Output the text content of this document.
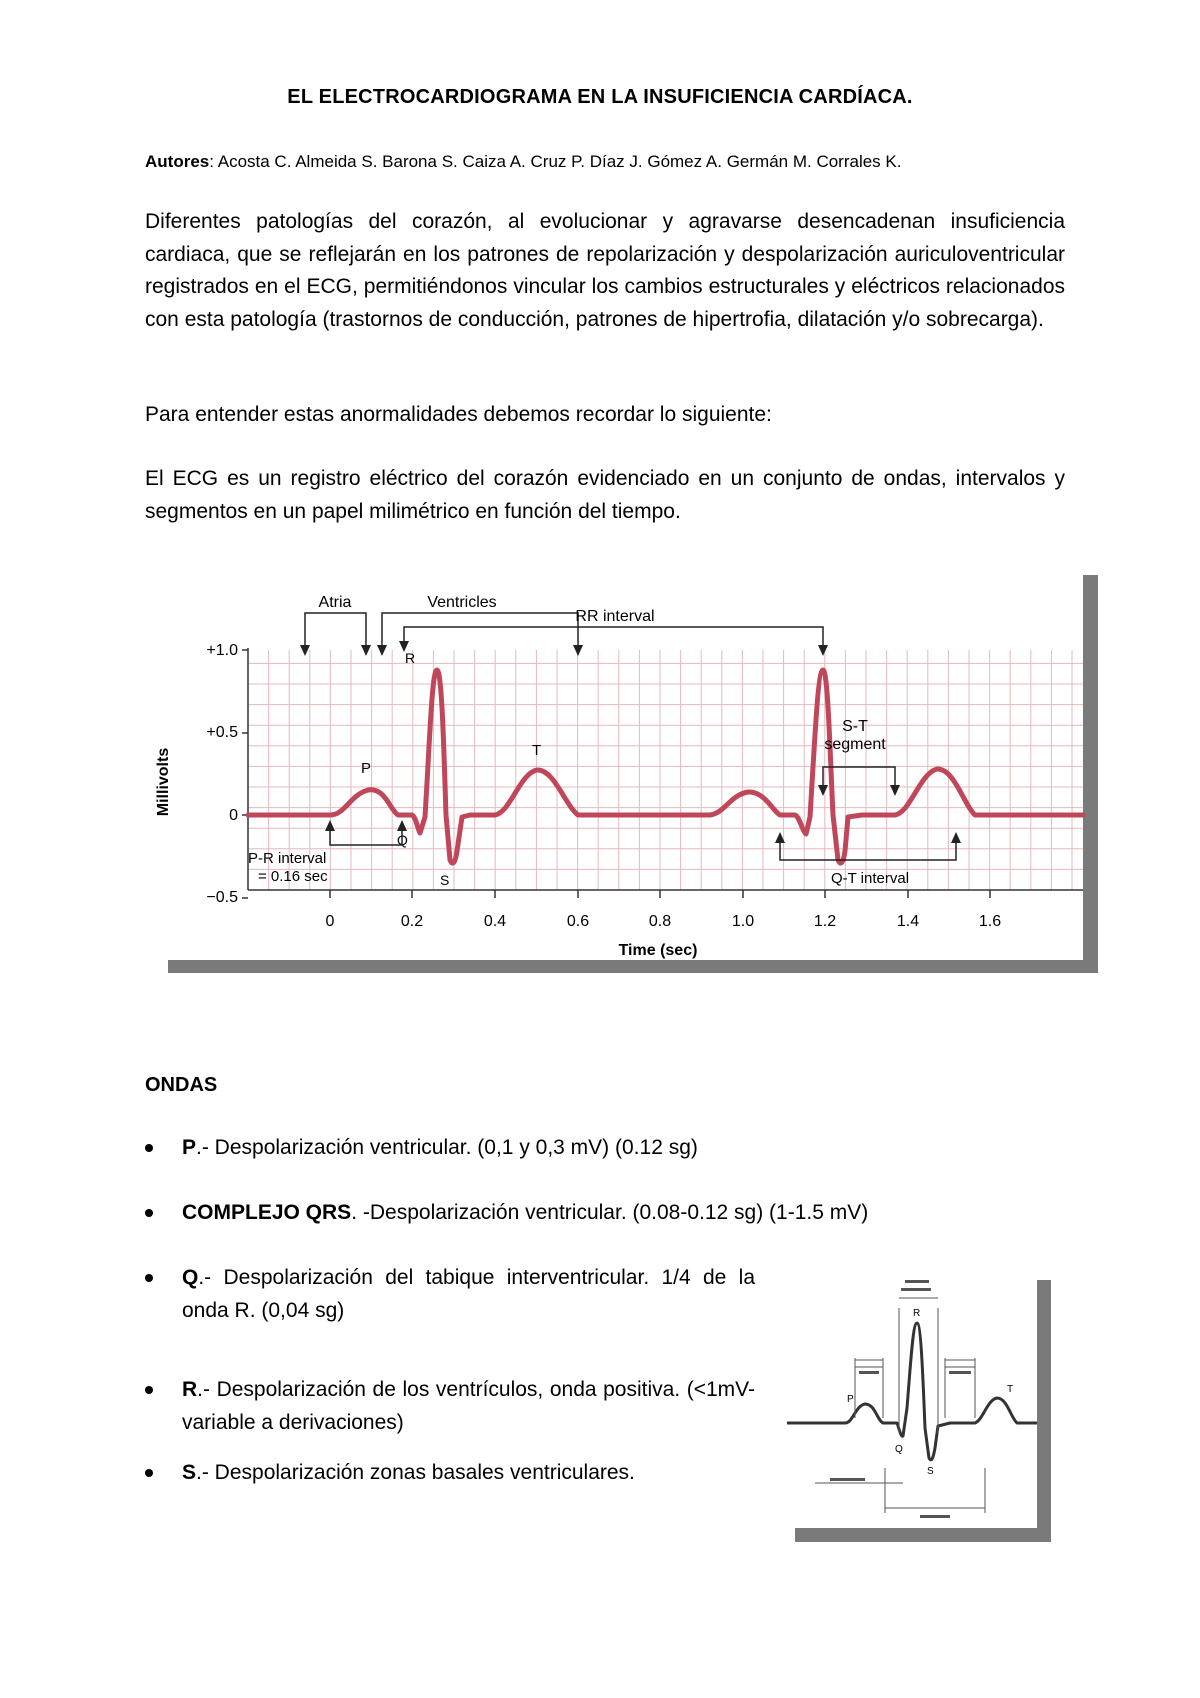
EL ELECTROCARDIOGRAMA EN LA INSUFICIENCIA CARDÍACA.
Autores: Acosta C. Almeida S. Barona S. Caiza A. Cruz P. Díaz J. Gómez A. Germán M. Corrales K.
Diferentes patologías del corazón, al evolucionar y agravarse desencadenan insuficiencia cardiaca, que se reflejarán en los patrones de repolarización y despolarización auriculoventricular registrados en el ECG, permitiéndonos vincular los cambios estructurales y eléctricos relacionados con esta patología (trastornos de conducción, patrones de hipertrofia, dilatación y/o sobrecarga).
Para entender estas anormalidades debemos recordar lo siguiente:
El ECG es un registro eléctrico del corazón evidenciado en un conjunto de ondas, intervalos y segmentos en un papel milimétrico en función del tiempo.
+1.0
+0.5
0
−0.5
Millivolts
0	0.2	0.4	0.6	0.8	1.0	1.2	1.4	1.6
Time (sec)
Atria	Ventricles
RR interval
R
P
T
Q
S
P-R interval
= 0.16 sec
S-T
segment
Q-T interval
ONDAS
P.- Despolarización ventricular. (0,1 y 0,3 mV) (0.12 sg)
COMPLEJO QRS. -Despolarización ventricular. (0.08-0.12 sg) (1-1.5 mV)
Q.- Despolarización del tabique interventricular. 1/4 de la onda R. (0,04 sg)
R.- Despolarización de los ventrículos, onda positiva. (<1mV- variable a derivaciones)
S.- Despolarización zonas basales ventriculares.
R
P
T
Q
S
